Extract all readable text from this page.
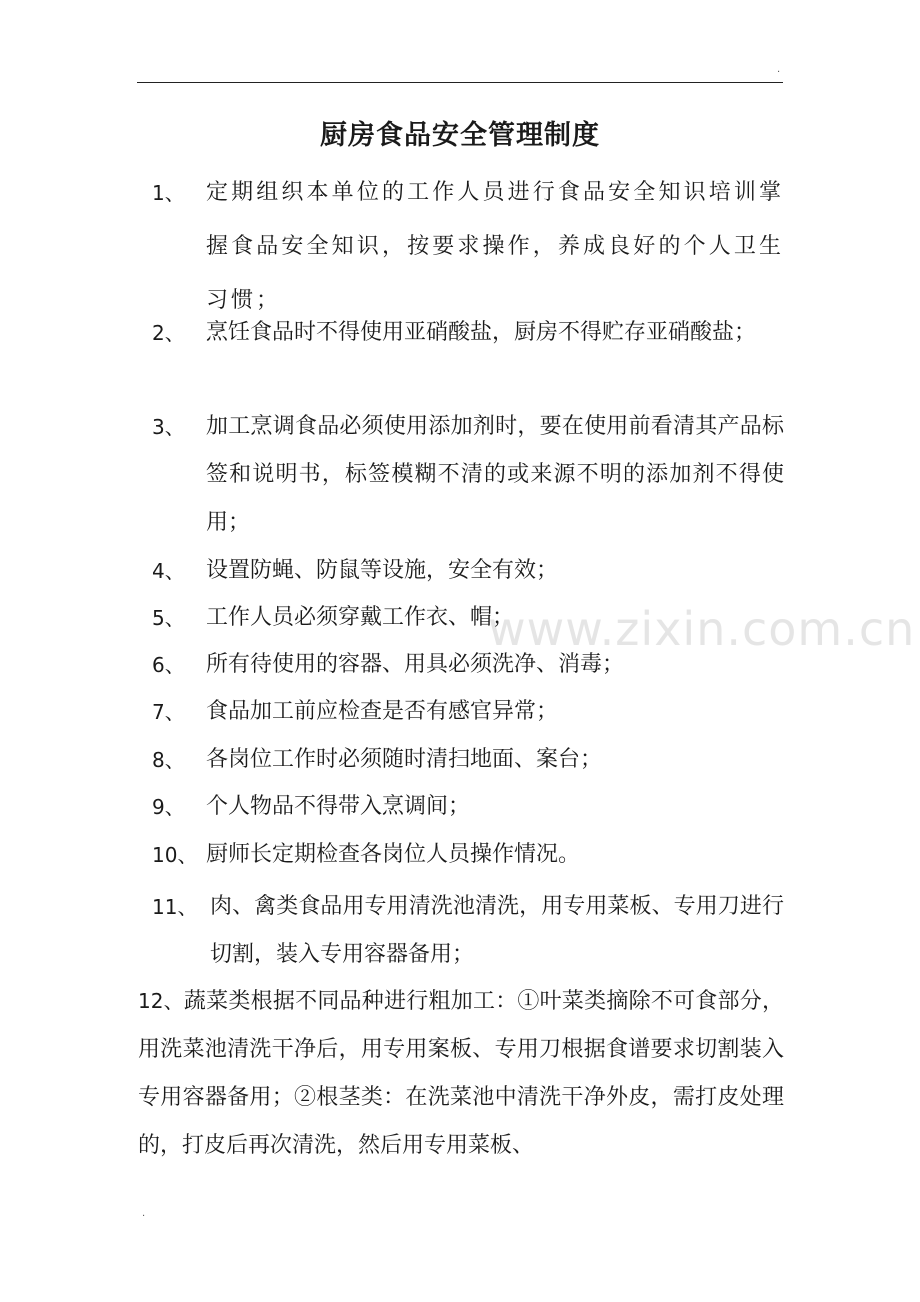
.
厨房食品安全管理制度
1、 定期组织本单位的工作人员进行食品安全知识培训掌握食品安全知识，按要求操作，养成良好的个人卫生习惯；
2、 烹饪食品时不得使用亚硝酸盐，厨房不得贮存亚硝酸盐；
3、 加工烹调食品必须使用添加剂时，要在使用前看清其产品标签和说明书，标签模糊不清的或来源不明的添加剂不得使用；
4、 设置防蝇、防鼠等设施，安全有效；
5、 工作人员必须穿戴工作衣、帽；
6、 所有待使用的容器、用具必须洗净、消毒；
7、 食品加工前应检查是否有感官异常；
8、 各岗位工作时必须随时清扫地面、案台；
9、 个人物品不得带入烹调间；
10、 厨师长定期检查各岗位人员操作情况。
11、 肉、禽类食品用专用清洗池清洗，用专用菜板、专用刀进行切割，装入专用容器备用；
12、蔬菜类根据不同品种进行粗加工：①叶菜类摘除不可食部分，用洗菜池清洗干净后，用专用案板、专用刀根据食谱要求切割装入专用容器备用；②根茎类：在洗菜池中清洗干净外皮，需打皮处理的，打皮后再次清洗，然后用专用菜板、
www.zixin.com.cn
.
